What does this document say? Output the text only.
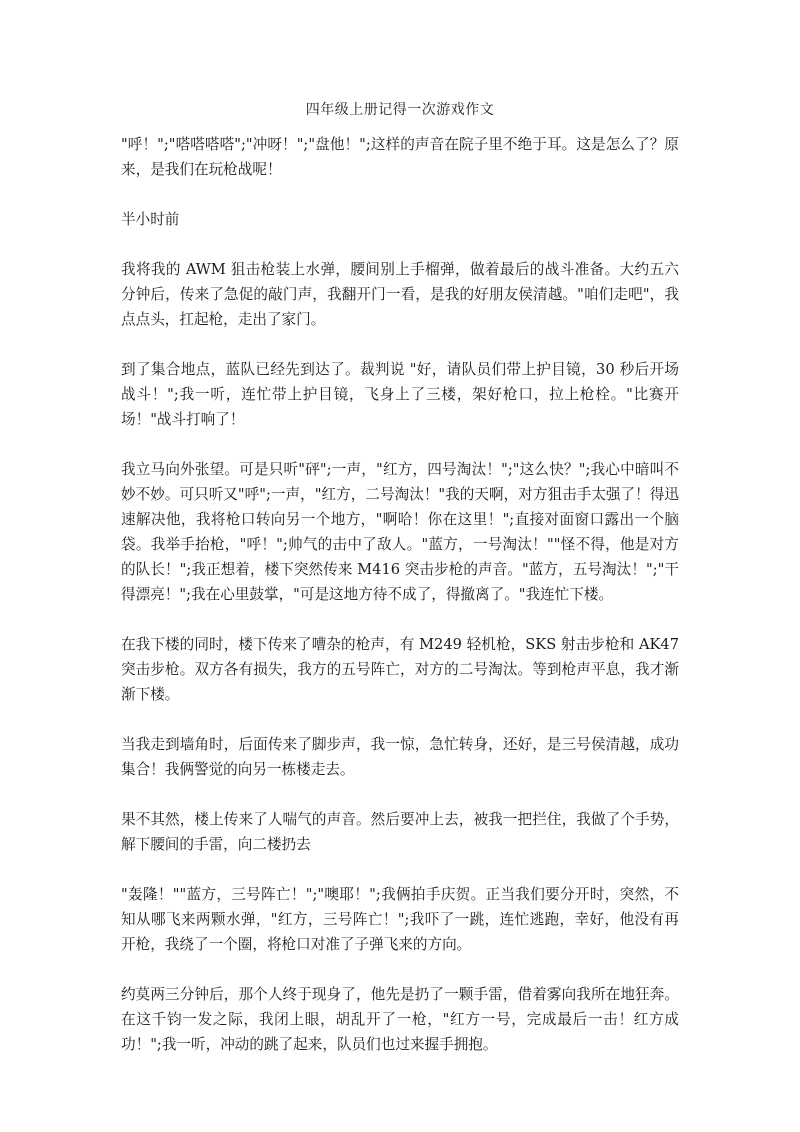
四年级上册记得一次游戏作文

"呼！";"嗒嗒嗒嗒";"冲呀！";"盘他！";这样的声音在院子里不绝于耳。这是怎么了？原来，是我们在玩枪战呢！

半小时前

我将我的 AWM 狙击枪装上水弹，腰间别上手榴弹，做着最后的战斗准备。大约五六分钟后，传来了急促的敲门声，我翻开门一看，是我的好朋友侯清越。"咱们走吧"，我点点头，扛起枪，走出了家门。

到了集合地点，蓝队已经先到达了。裁判说 "好，请队员们带上护目镜，30 秒后开场战斗！";我一听，连忙带上护目镜，飞身上了三楼，架好枪口，拉上枪栓。"比赛开场！"战斗打响了！

我立马向外张望。可是只听"砰";一声，"红方，四号淘汰！";"这么快？";我心中暗叫不妙不妙。可只听又"呼";一声，"红方，二号淘汰！"我的天啊，对方狙击手太强了！得迅速解决他，我将枪口转向另一个地方，"啊哈！你在这里！";直接对面窗口露出一个脑袋。我举手抬枪，"呼！";帅气的击中了敌人。"蓝方，一号淘汰！""怪不得，他是对方的队长！";我正想着，楼下突然传来 M416 突击步枪的声音。"蓝方，五号淘汰！";"干得漂亮！";我在心里鼓掌，"可是这地方待不成了，得撤离了。"我连忙下楼。

在我下楼的同时，楼下传来了嘈杂的枪声，有 M249 轻机枪，SKS 射击步枪和 AK47 突击步枪。双方各有损失，我方的五号阵亡，对方的二号淘汰。等到枪声平息，我才渐渐下楼。

当我走到墙角时，后面传来了脚步声，我一惊，急忙转身，还好，是三号侯清越，成功集合！我俩警觉的向另一栋楼走去。

果不其然，楼上传来了人喘气的声音。然后要冲上去，被我一把拦住，我做了个手势，解下腰间的手雷，向二楼扔去

"轰隆！""蓝方，三号阵亡！";"噢耶！";我俩拍手庆贺。正当我们要分开时，突然，不知从哪飞来两颗水弹，"红方，三号阵亡！";我吓了一跳，连忙逃跑，幸好，他没有再开枪，我绕了一个圈，将枪口对准了子弹飞来的方向。

约莫两三分钟后，那个人终于现身了，他先是扔了一颗手雷，借着雾向我所在地狂奔。在这千钧一发之际，我闭上眼，胡乱开了一枪，"红方一号，完成最后一击！红方成功！";我一听，冲动的跳了起来，队员们也过来握手拥抱。
